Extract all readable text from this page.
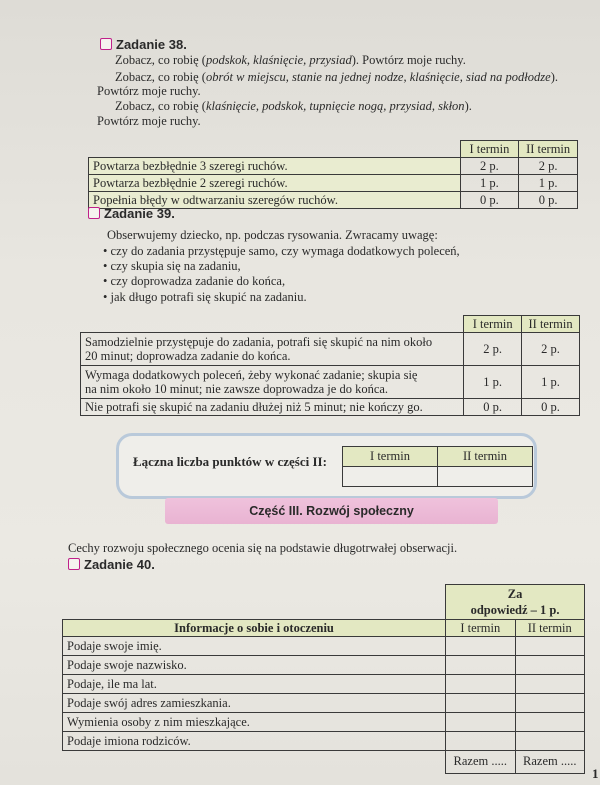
Zadanie 38.
Zobacz, co robię (podskok, klaśnięcie, przysiad). Powtórz moje ruchy.
Zobacz, co robię (obrót w miejscu, stanie na jednej nodze, klaśnięcie, siad na podłodze).
Powtórz moje ruchy.
Zobacz, co robię (klaśnięcie, podskok, tupnięcie nogą, przysiad, skłon).
Powtórz moje ruchy.
	I termin	II termin
Powtarza bezbłędnie 3 szeregi ruchów.	2 p.	2 p.
Powtarza bezbłędnie 2 szeregi ruchów.	1 p.	1 p.
Popełnia błędy w odtwarzaniu szeregów ruchów.	0 p.	0 p.
Zadanie 39.
Obserwujemy dziecko, np. podczas rysowania. Zwracamy uwagę:
• czy do zadania przystępuje samo, czy wymaga dodatkowych poleceń,
• czy skupia się na zadaniu,
• czy doprowadza zadanie do końca,
• jak długo potrafi się skupić na zadaniu.
	I termin	II termin
Samodzielnie przystępuje do zadania, potrafi się skupić na nim około
20 minut; doprowadza zadanie do końca.	2 p.	2 p.
Wymaga dodatkowych poleceń, żeby wykonać zadanie; skupia się
na nim około 10 minut; nie zawsze doprowadza je do końca.	1 p.	1 p.
Nie potrafi się skupić na zadaniu dłużej niż 5 minut; nie kończy go.	0 p.	0 p.
Łączna liczba punktów w części II:	I termin	II termin

Część III. Rozwój społeczny
Cechy rozwoju społecznego ocenia się na podstawie długotrwałej obserwacji.
Zadanie 40.
	Za
odpowiedź – 1 p.	
Informacje o sobie i otoczeniu	I termin	II termin
Podaje swoje imię.		
Podaje swoje nazwisko.		
Podaje, ile ma lat.		
Podaje swój adres zamieszkania.		
Wymienia osoby z nim mieszkające.		
Podaje imiona rodziców.		
	Razem .....	Razem .....
1
